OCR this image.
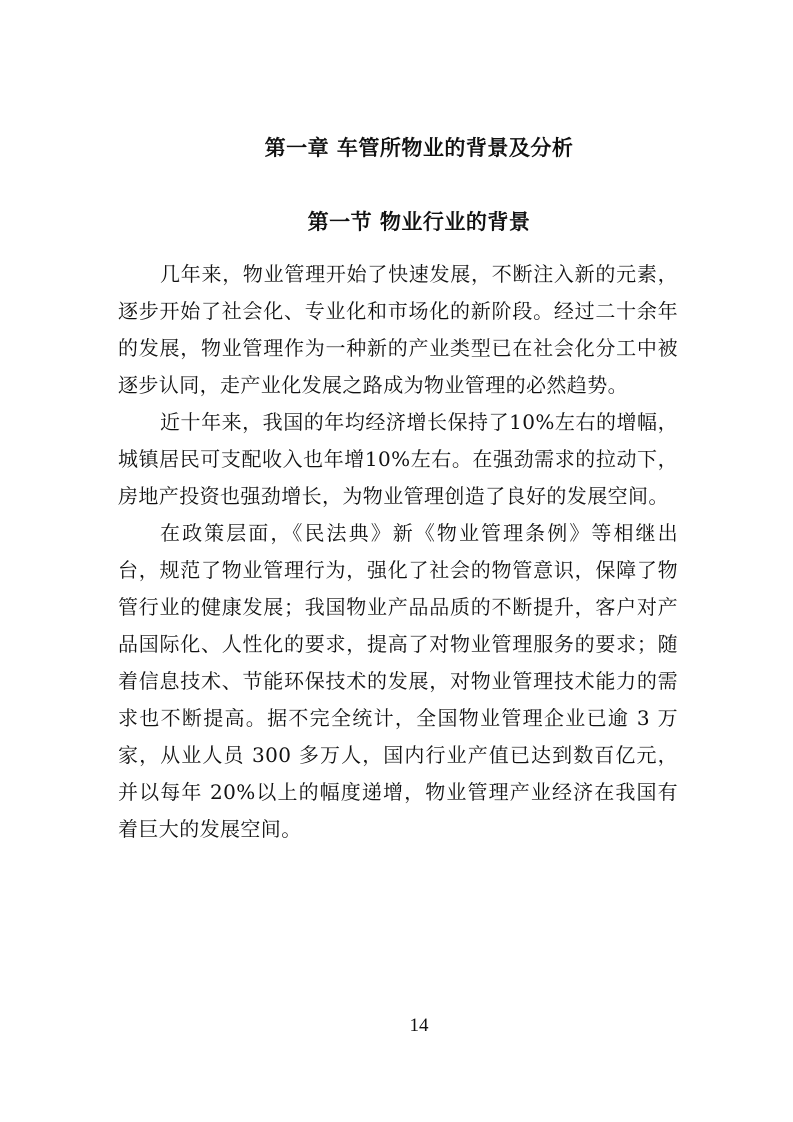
第一章 车管所物业的背景及分析
第一节 物业行业的背景

几年来，物业管理开始了快速发展，不断注入新的元素，逐步开始了社会化、专业化和市场化的新阶段。经过二十余年的发展，物业管理作为一种新的产业类型已在社会化分工中被逐步认同，走产业化发展之路成为物业管理的必然趋势。

近十年来，我国的年均经济增长保持了10%左右的增幅，城镇居民可支配收入也年增10%左右。在强劲需求的拉动下，房地产投资也强劲增长，为物业管理创造了良好的发展空间。

在政策层面，《民法典》新《物业管理条例》等相继出台，规范了物业管理行为，强化了社会的物管意识，保障了物管行业的健康发展；我国物业产品品质的不断提升，客户对产品国际化、人性化的要求，提高了对物业管理服务的要求；随着信息技术、节能环保技术的发展，对物业管理技术能力的需求也不断提高。据不完全统计，全国物业管理企业已逾 3 万家，从业人员 300 多万人，国内行业产值已达到数百亿元，并以每年 20%以上的幅度递增，物业管理产业经济在我国有着巨大的发展空间。

14
